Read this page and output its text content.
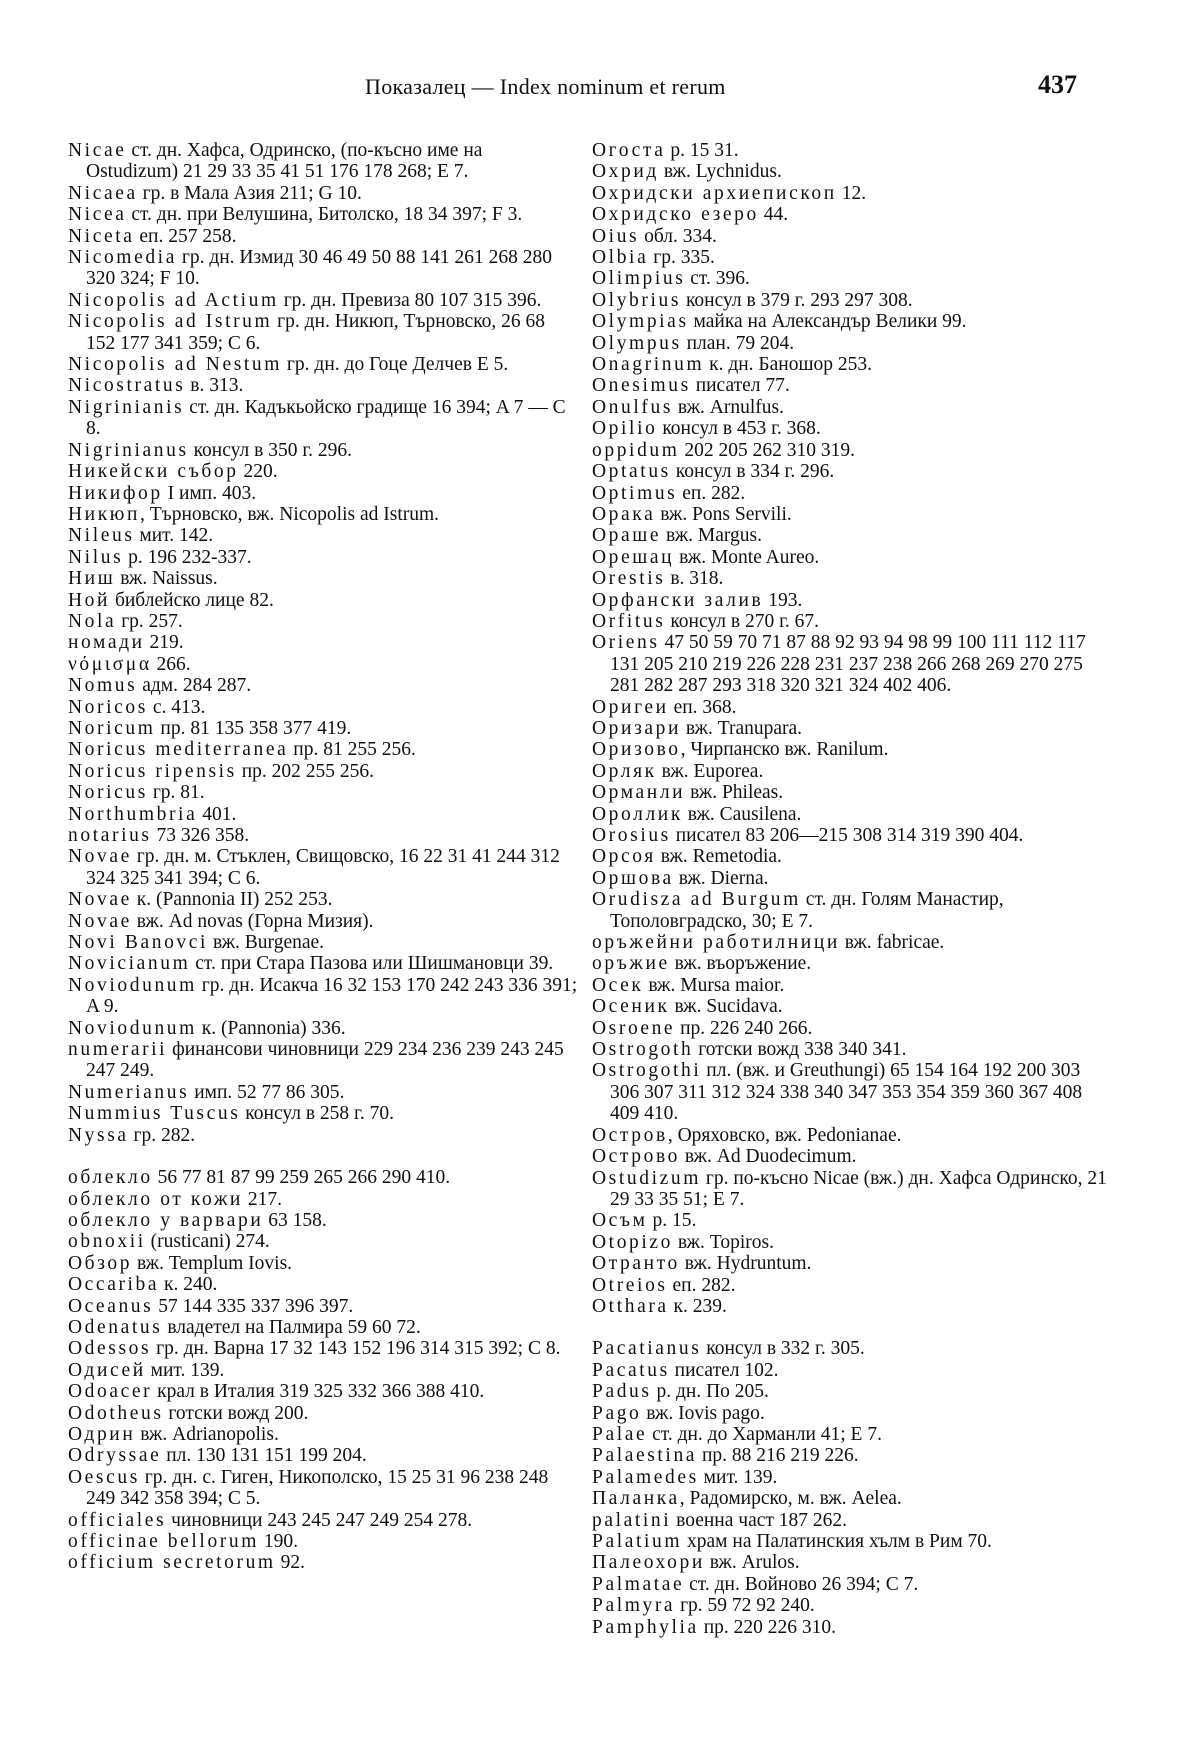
Показалец — Index nominum et rerum	437

Nicae ст. дн. Хафса, Одринско, (по-късно име на Ostudizum) 21 29 33 35 41 51 176 178 268; E 7.

Nicaea гр. в Мала Азия 211; G 10.

Nicea ст. дн. при Велушина, Битолско, 18 34 397; F 3.

Niceta еп. 257 258.

Nicomedia гр. дн. Измид 30 46 49 50 88 141 261 268 280 320 324; F 10.

Nicopolis ad Actium гр. дн. Превиза 80 107 315 396.

Nicopolis ad Istrum гр. дн. Никюп, Търновско, 26 68 152 177 341 359; C 6.

Nicopolis ad Nestum гр. дн. до Гоце Делчев E 5.

Nicostratus в. 313.

Nigrinianis ст. дн. Кадъкьойско градище 16 394; A 7 — C 8.

Nigrinianus консул в 350 г. 296.

Никейски събор 220.

Никифор I имп. 403.

Никюп, Търновско, вж. Nicopolis ad Istrum.

Nileus мит. 142.

Nilus р. 196 232-337.

Ниш вж. Naissus.

Ной библейско лице 82.

Nola гр. 257.

номади 219.

νόμισμα 266.

Nomus адм. 284 287.

Noricos с. 413.

Noricum пр. 81 135 358 377 419.

Noricus mediterranea пр. 81 255 256.

Noricus ripensis пр. 202 255 256.

Noricus гр. 81.

Northumbria 401.

notarius 73 326 358.

Novae гр. дн. м. Стъклен, Свищовско, 16 22 31 41 244 312 324 325 341 394; C 6.

Novae к. (Pannonia II) 252 253.

Novae вж. Ad novas (Горна Мизия).

Novi Banovci вж. Burgenae.

Novicianum ст. при Стара Пазова или Шишмановци 39.

Noviodunum гр. дн. Исакча 16 32 153 170 242 243 336 391; A 9.

Noviodunum к. (Pannonia) 336.

numerarii финансови чиновници 229 234 236 239 243 245 247 249.

Numerianus имп. 52 77 86 305.

Nummius Tuscus консул в 258 г. 70.

Nyssa гр. 282.

облекло 56 77 81 87 99 259 265 266 290 410.

облекло от кожи 217.

облекло у варвари 63 158.

obnoxii (rusticani) 274.

Обзор вж. Templum Iovis.

Occariba к. 240.

Oceanus 57 144 335 337 396 397.

Odenatus владетел на Палмира 59 60 72.

Odessos гр. дн. Варна 17 32 143 152 196 314 315 392; C 8.

Одисей мит. 139.

Odoacer крал в Италия 319 325 332 366 388 410.

Odotheus готски вожд 200.

Одрин вж. Adrianopolis.

Odryssae пл. 130 131 151 199 204.

Oescus гр. дн. с. Гиген, Никополско, 15 25 31 96 238 248 249 342 358 394; C 5.

officiales чиновници 243 245 247 249 254 278.

officinae bellorum 190.

officium secretorum 92.

Огоста р. 15 31.

Охрид вж. Lychnidus.

Охридски архиепископ 12.

Охридско езеро 44.

Oius обл. 334.

Olbia гр. 335.

Olimpius ст. 396.

Olybrius консул в 379 г. 293 297 308.

Olympias майка на Александър Велики 99.

Olympus план. 79 204.

Onagrinum к. дн. Баношор 253.

Onesimus писател 77.

Onulfus вж. Arnulfus.

Opilio консул в 453 г. 368.

oppidum 202 205 262 310 319.

Optatus консул в 334 г. 296.

Optimus еп. 282.

Орака вж. Pons Servili.

Ораше вж. Margus.

Орешац вж. Monte Aureo.

Orestis в. 318.

Орфански залив 193.

Orfitus консул в 270 г. 67.

Oriens 47 50 59 70 71 87 88 92 93 94 98 99 100 111 112 117 131 205 210 219 226 228 231 237 238 266 268 269 270 275 281 282 287 293 318 320 321 324 402 406.

Оригеи еп. 368.

Оризари вж. Tranupara.

Оризово, Чирпанско вж. Ranilum.

Орляк вж. Euporea.

Орманли вж. Phileas.

Ороллик вж. Causilena.

Orosius писател 83 206—215 308 314 319 390 404.

Орсоя вж. Remetodia.

Оршова вж. Dierna.

Orudisza ad Burgum ст. дн. Голям Манастир, Тополовградско, 30; E 7.

оръжейни работилници вж. fabricae.

оръжие вж. въоръжение.

Осек вж. Mursa maior.

Осеник вж. Sucidava.

Osroene пр. 226 240 266.

Ostrogoth готски вожд 338 340 341.

Ostrogothi пл. (вж. и Greuthungi) 65 154 164 192 200 303 306 307 311 312 324 338 340 347 353 354 359 360 367 408 409 410.

Остров, Оряховско, вж. Pedonianae.

Острово вж. Ad Duodecimum.

Ostudizum гр. по-късно Nicae (вж.) дн. Хафса Одринско, 21 29 33 35 51; E 7.

Осъм р. 15.

Otopizo вж. Topiros.

Отранто вж. Hydruntum.

Otreios еп. 282.

Otthara к. 239.

Pacatianus консул в 332 г. 305.

Pacatus писател 102.

Padus р. дн. По 205.

Pago вж. Iovis pago.

Palae ст. дн. до Харманли 41; E 7.

Palaestina пр. 88 216 219 226.

Palamedes мит. 139.

Паланка, Радомирско, м. вж. Aelea.

palatini военна част 187 262.

Palatium храм на Палатинския хълм в Рим 70.

Палеохори вж. Arulos.

Palmatae ст. дн. Войново 26 394; C 7.

Palmyra гр. 59 72 92 240.

Pamphylia пр. 220 226 310.
